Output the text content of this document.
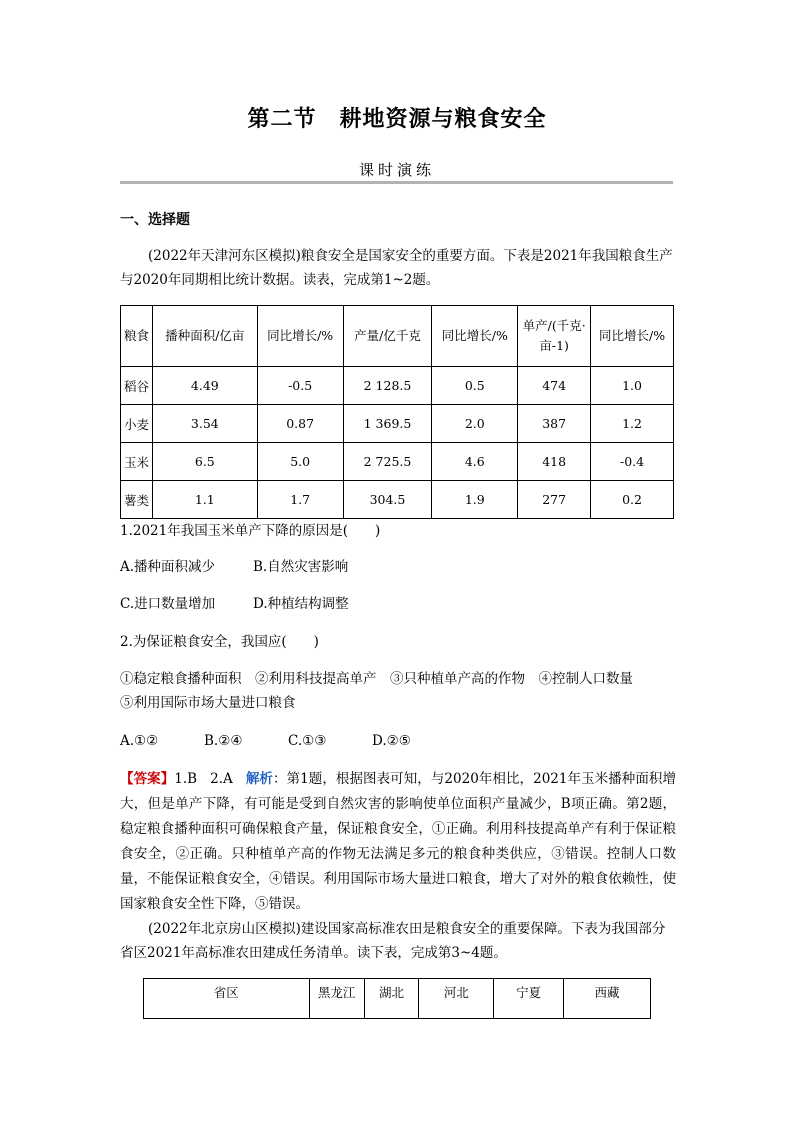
第二节　耕地资源与粮食安全
课时演练
一、选择题
(2022年天津河东区模拟)粮食安全是国家安全的重要方面。下表是2021年我国粮食生产与2020年同期相比统计数据。读表，完成第1~2题。
粮食	播种面积/亿亩	同比增长/%	产量/亿千克	同比增长/%	单产/(千克·亩-1)	同比增长/%
稻谷	4.49	-0.5	2 128.5	0.5	474	1.0
小麦	3.54	0.87	1 369.5	2.0	387	1.2
玉米	6.5	5.0	2 725.5	4.6	418	-0.4
薯类	1.1	1.7	304.5	1.9	277	0.2
1.2021年我国玉米单产下降的原因是(　　)
A.播种面积减少	B.自然灾害影响
C.进口数量增加	D.种植结构调整
2.为保证粮食安全，我国应(　　)
①稳定粮食播种面积　②利用科技提高单产　③只种植单产高的作物　④控制人口数量
⑤利用国际市场大量进口粮食
A.①②	B.②④	C.①③	D.②⑤
【答案】1.B   2.A   解析：第1题，根据图表可知，与2020年相比，2021年玉米播种面积增大，但是单产下降，有可能是受到自然灾害的影响使单位面积产量减少，B项正确。第2题，稳定粮食播种面积可确保粮食产量，保证粮食安全，①正确。利用科技提高单产有利于保证粮食安全，②正确。只种植单产高的作物无法满足多元的粮食种类供应，③错误。控制人口数量，不能保证粮食安全，④错误。利用国际市场大量进口粮食，增大了对外的粮食依赖性，使国家粮食安全性下降，⑤错误。
(2022年北京房山区模拟)建设国家高标准农田是粮食安全的重要保障。下表为我国部分省区2021年高标准农田建成任务清单。读下表，完成第3~4题。
省区	黑龙江	湖北	河北	宁夏	西藏
